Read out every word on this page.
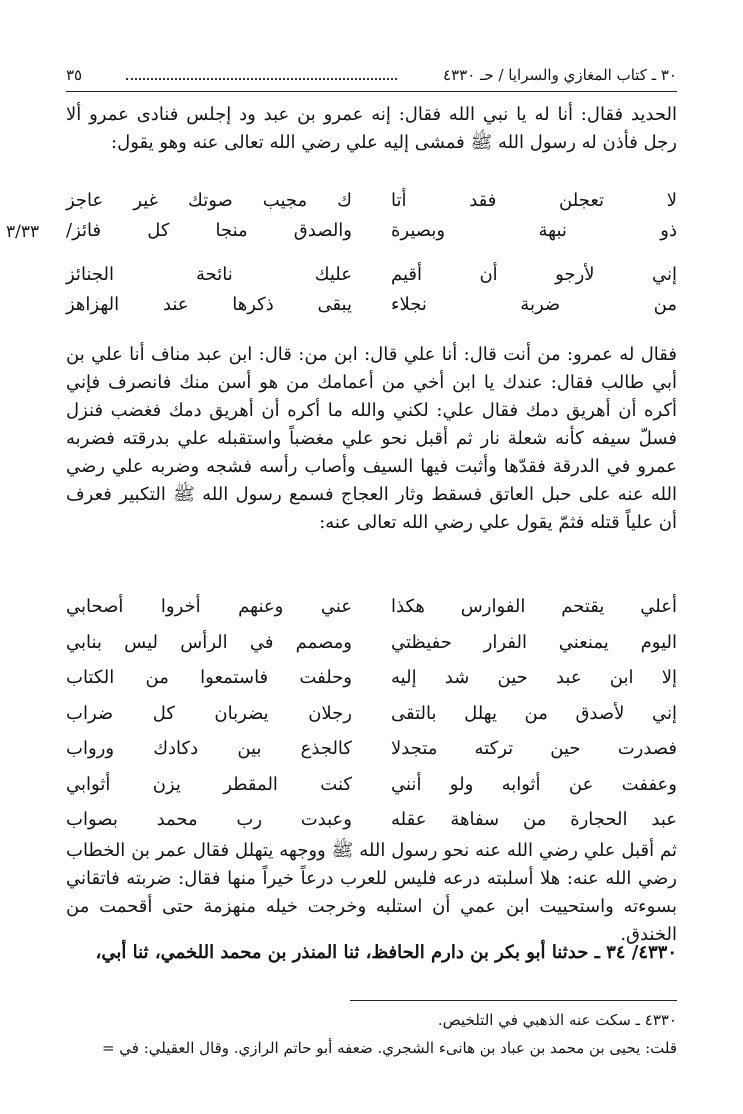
٣٠ ـ كتاب المغازي والسرايا / حـ ٤٣٣٠
٣٥

الحديد فقال: أنا له يا نبي الله فقال: إنه عمرو بن عبد ود إجلس فنادى عمرو ألا رجل فأذن له رسول الله ﷺ فمشى إليه علي رضي الله تعالى عنه وهو يقول:

لا تعجلن فقد أتا
ك مجيب صوتك غير عاجز
ذو نبهة وبصيرة
والصدق منجا كل فائز/
٣/٣٣
إني لأرجو أن أقيم
عليك نائحة الجنائز
من ضربة نجلاء
يبقى ذكرها عند الهزاهز

فقال له عمرو: من أنت قال: أنا علي قال: ابن من: قال: ابن عبد مناف أنا علي بن أبي طالب فقال: عندك يا ابن أخي من أعمامك من هو أسن منك فانصرف فإني أكره أن أهريق دمك فقال علي: لكني والله ما أكره أن أهريق دمك فغضب فنزل فسلّ سيفه كأنه شعلة نار ثم أقبل نحو علي مغضباً واستقبله علي بدرقته فضربه عمرو في الدرقة فقدّها وأثبت فيها السيف وأصاب رأسه فشجه وضربه علي رضي الله عنه على حبل العاتق فسقط وثار العجاج فسمع رسول الله ﷺ التكبير فعرف أن علياً قتله فثمّ يقول علي رضي الله تعالى عنه:

أعلي يقتحم الفوارس هكذا
عني وعنهم أخروا أصحابي
اليوم يمنعني الفرار حفيظتي
ومصمم في الرأس ليس بنابي
إلا ابن عبد حين شد إليه
وحلفت فاستمعوا من الكتاب
إني لأصدق من يهلل بالتقى
رجلان يضربان كل ضراب
فصدرت حين تركته متجدلا
كالجذع بين دكادك ورواب
وعففت عن أثوابه ولو أنني
كنت المقطر يزن أثوابي
عبد الحجارة من سفاهة عقله
وعبدت رب محمد بصواب

ثم أقبل علي رضي الله عنه نحو رسول الله ﷺ ووجهه يتهلل فقال عمر بن الخطاب رضي الله عنه: هلا أسلبته درعه فليس للعرب درعاً خيراً منها فقال: ضربته فاتقاني بسوءته واستحييت ابن عمي أن استلبه وخرجت خيله منهزمة حتى أقحمت من الخندق.

٤٣٣٠/ ٣٤ ـ حدثنا أبو بكر بن دارم الحافظ، ثنا المنذر بن محمد اللخمي، ثنا أبي،

٤٣٣٠ ـ سكت عنه الذهبي في التلخيص.
قلت: يحيى بن محمد بن عباد بن هانىء الشجري. ضعفه أبو حاتم الرازي. وقال العقيلي: في =
